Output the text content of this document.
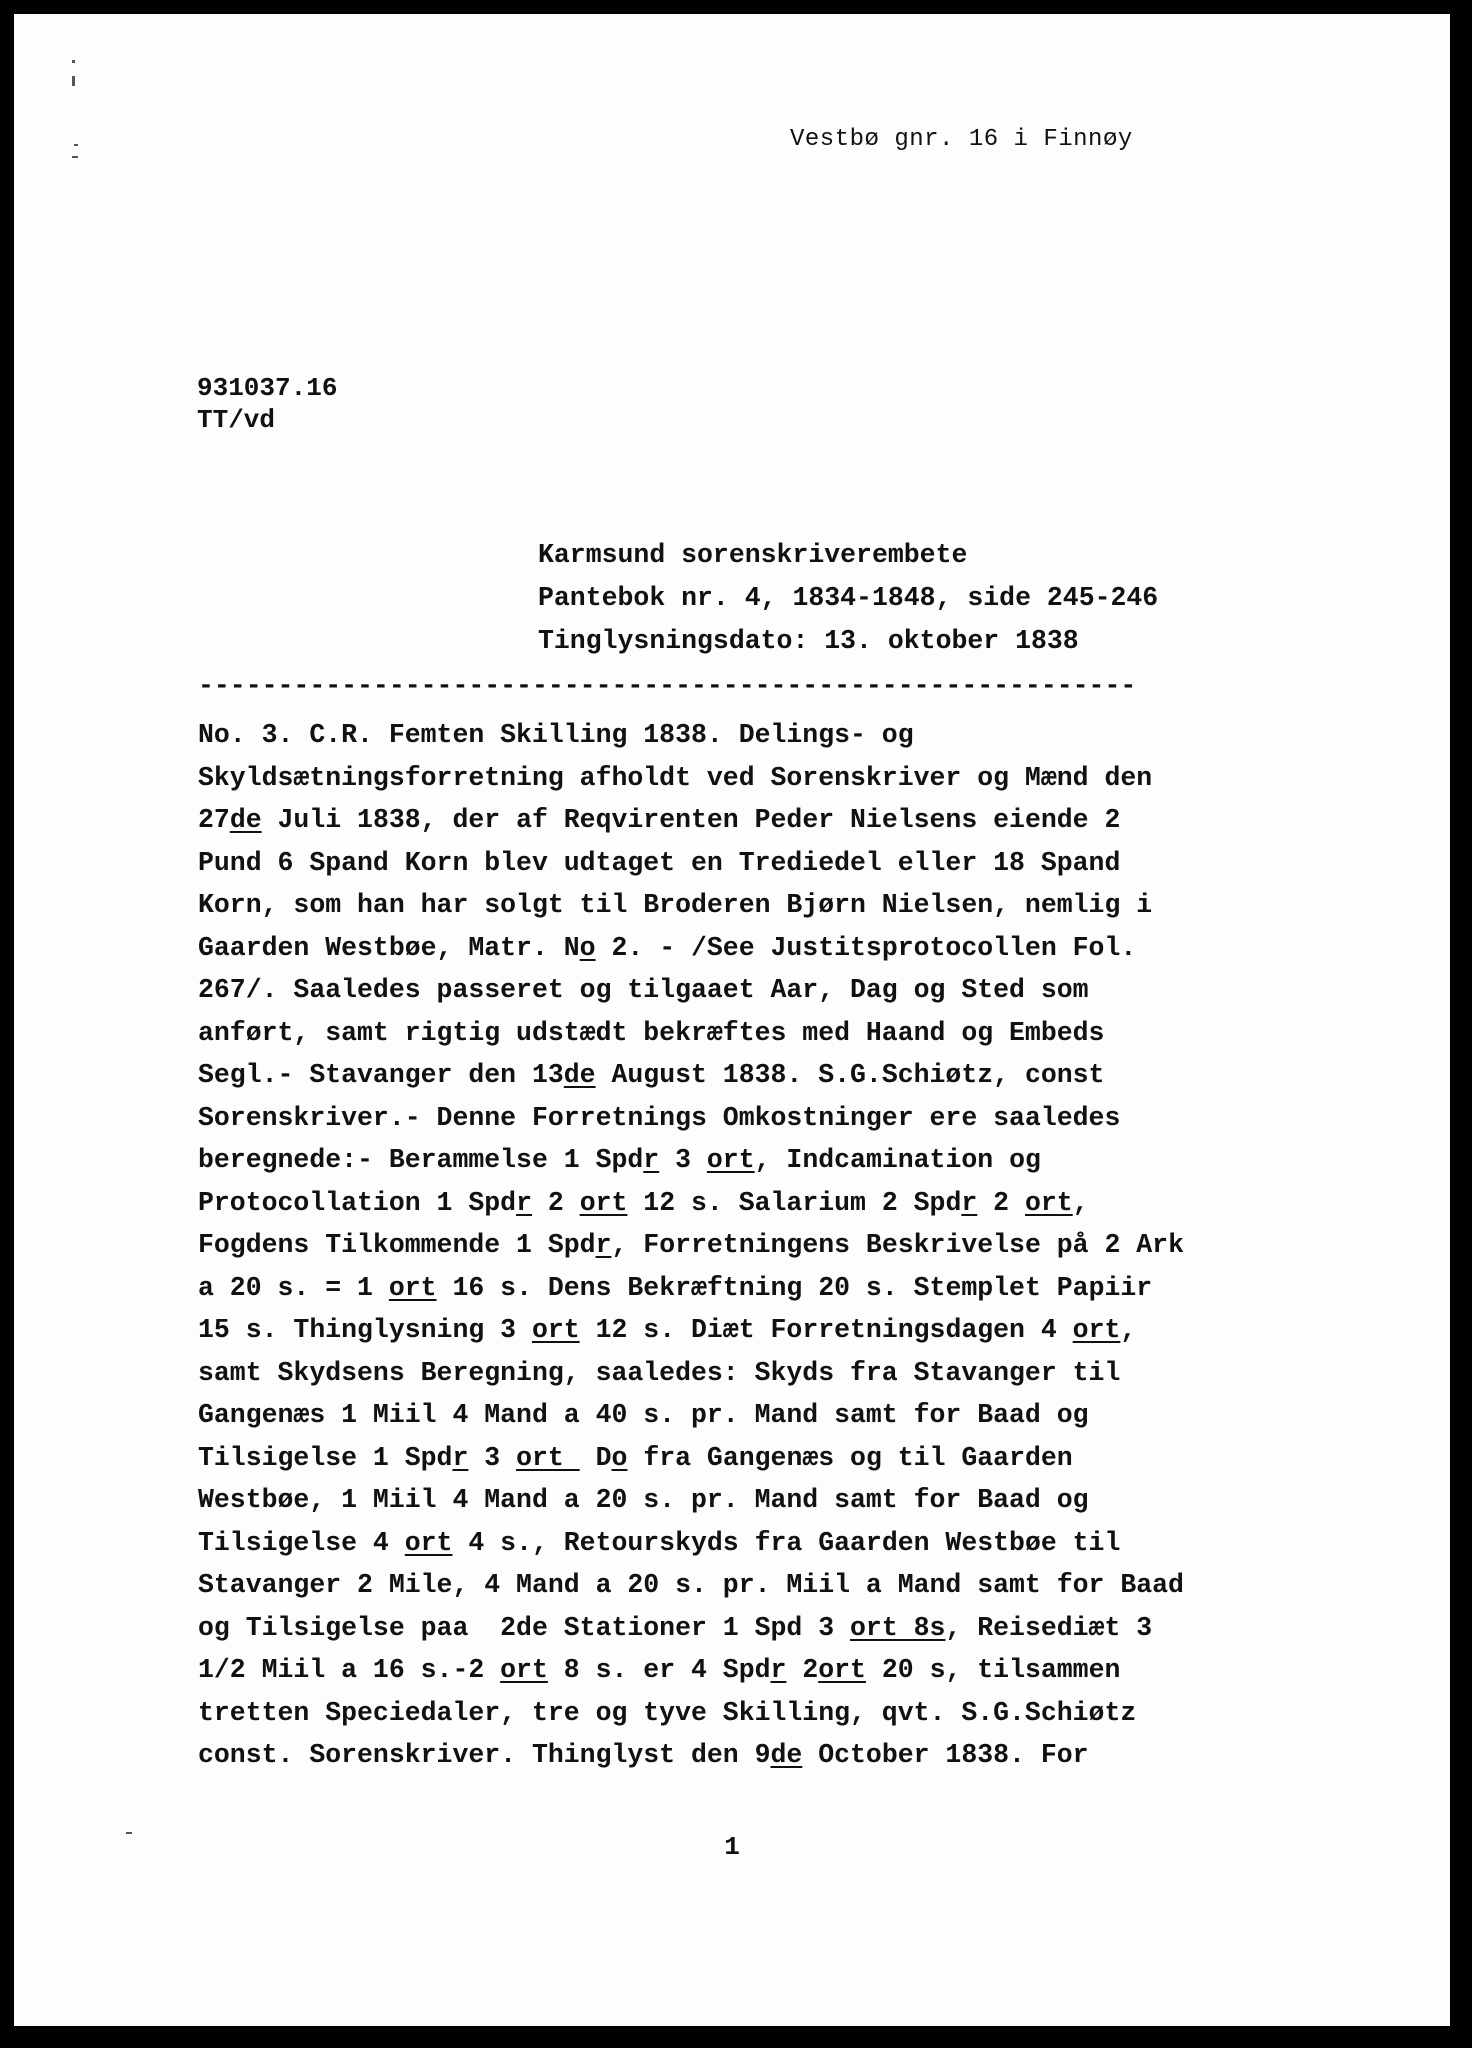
Vestbø gnr. 16 i Finnøy
931037.16
TT/vd
Karmsund sorenskriverembete
Pantebok nr. 4, 1834-1848, side 245-246
Tinglysningsdato: 13. oktober 1838
-----------------------------------------------------------
No. 3. C.R. Femten Skilling 1838. Delings- og
Skyldsætningsforretning afholdt ved Sorenskriver og Mænd den
27de Juli 1838, der af Reqvirenten Peder Nielsens eiende 2
Pund 6 Spand Korn blev udtaget en Trediedel eller 18 Spand
Korn, som han har solgt til Broderen Bjørn Nielsen, nemlig i
Gaarden Westbøe, Matr. No 2. - /See Justitsprotocollen Fol.
267/. Saaledes passeret og tilgaaet Aar, Dag og Sted som
anført, samt rigtig udstædt bekræftes med Haand og Embeds
Segl.- Stavanger den 13de August 1838. S.G.Schiøtz, const
Sorenskriver.- Denne Forretnings Omkostninger ere saaledes
beregnede:- Berammelse 1 Spdr 3 ort, Indcamination og
Protocollation 1 Spdr 2 ort 12 s. Salarium 2 Spdr 2 ort,
Fogdens Tilkommende 1 Spdr, Forretningens Beskrivelse på 2 Ark
a 20 s. = 1 ort 16 s. Dens Bekræftning 20 s. Stemplet Papiir
15 s. Thinglysning 3 ort 12 s. Diæt Forretningsdagen 4 ort,
samt Skydsens Beregning, saaledes: Skyds fra Stavanger til
Gangenæs 1 Miil 4 Mand a 40 s. pr. Mand samt for Baad og
Tilsigelse 1 Spdr 3 ort  Do fra Gangenæs og til Gaarden
Westbøe, 1 Miil 4 Mand a 20 s. pr. Mand samt for Baad og
Tilsigelse 4 ort 4 s., Retourskyds fra Gaarden Westbøe til
Stavanger 2 Mile, 4 Mand a 20 s. pr. Miil a Mand samt for Baad
og Tilsigelse paa  2de Stationer 1 Spd 3 ort 8s, Reisediæt 3
1/2 Miil a 16 s.-2 ort 8 s. er 4 Spdr 2ort 20 s, tilsammen
tretten Speciedaler, tre og tyve Skilling, qvt. S.G.Schiøtz
const. Sorenskriver. Thinglyst den 9de October 1838. For
1
